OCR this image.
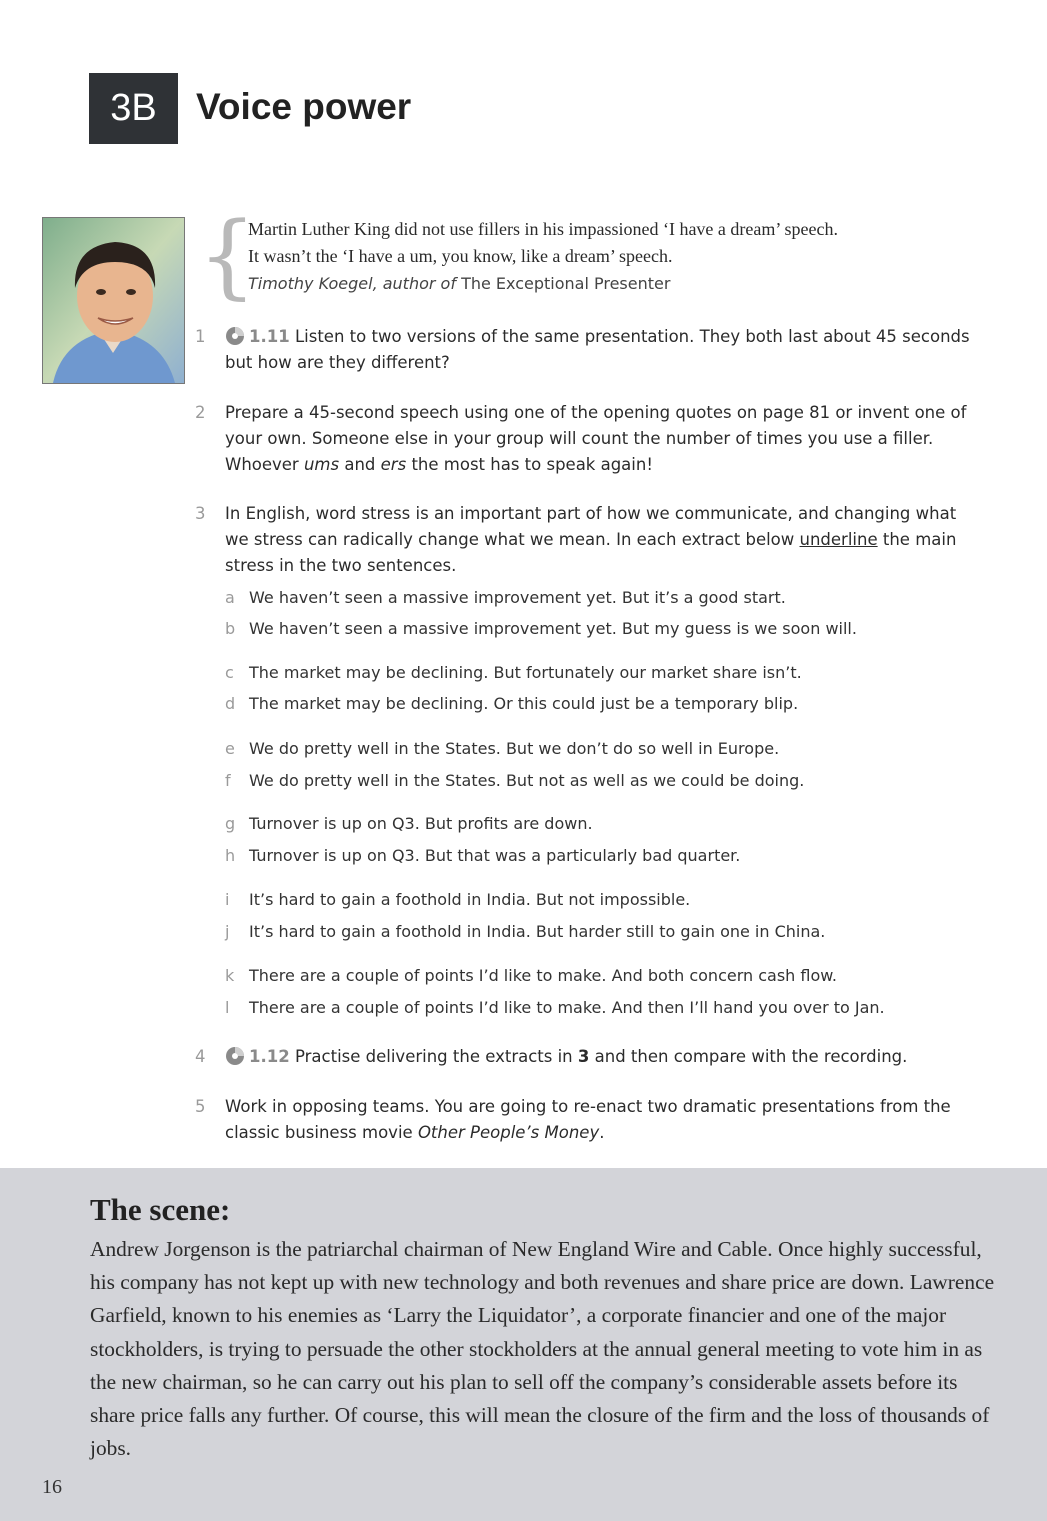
3B	Voice power
{
Martin Luther King did not use fillers in his impassioned ‘I have a dream’ speech.
It wasn’t the ‘I have a um, you know, like a dream’ speech.
Timothy Koegel, author of The Exceptional Presenter
1	1.11 Listen to two versions of the same presentation. They both last about 45 seconds but how are they different?
2	Prepare a 45-second speech using one of the opening quotes on page 81 or invent one of your own. Someone else in your group will count the number of times you use a filler. Whoever ums and ers the most has to speak again!
3	In English, word stress is an important part of how we communicate, and changing what we stress can radically change what we mean. In each extract below underline the main stress in the two sentences.
a We haven’t seen a massive improvement yet. But it’s a good start.
b We haven’t seen a massive improvement yet. But my guess is we soon will.
c The market may be declining. But fortunately our market share isn’t.
d The market may be declining. Or this could just be a temporary blip.
e We do pretty well in the States. But we don’t do so well in Europe.
f We do pretty well in the States. But not as well as we could be doing.
g Turnover is up on Q3. But profits are down.
h Turnover is up on Q3. But that was a particularly bad quarter.
i It’s hard to gain a foothold in India. But not impossible.
j It’s hard to gain a foothold in India. But harder still to gain one in China.
k There are a couple of points I’d like to make. And both concern cash flow.
l There are a couple of points I’d like to make. And then I’ll hand you over to Jan.
4	1.12 Practise delivering the extracts in 3 and then compare with the recording.
5	Work in opposing teams. You are going to re-enact two dramatic presentations from the classic business movie Other People’s Money.
The scene:
Andrew Jorgenson is the patriarchal chairman of New England Wire and Cable. Once highly successful, his company has not kept up with new technology and both revenues and share price are down. Lawrence Garfield, known to his enemies as ‘Larry the Liquidator’, a corporate financier and one of the major stockholders, is trying to persuade the other stockholders at the annual general meeting to vote him in as the new chairman, so he can carry out his plan to sell off the company’s considerable assets before its share price falls any further. Of course, this will mean the closure of the firm and the loss of thousands of jobs.
16
